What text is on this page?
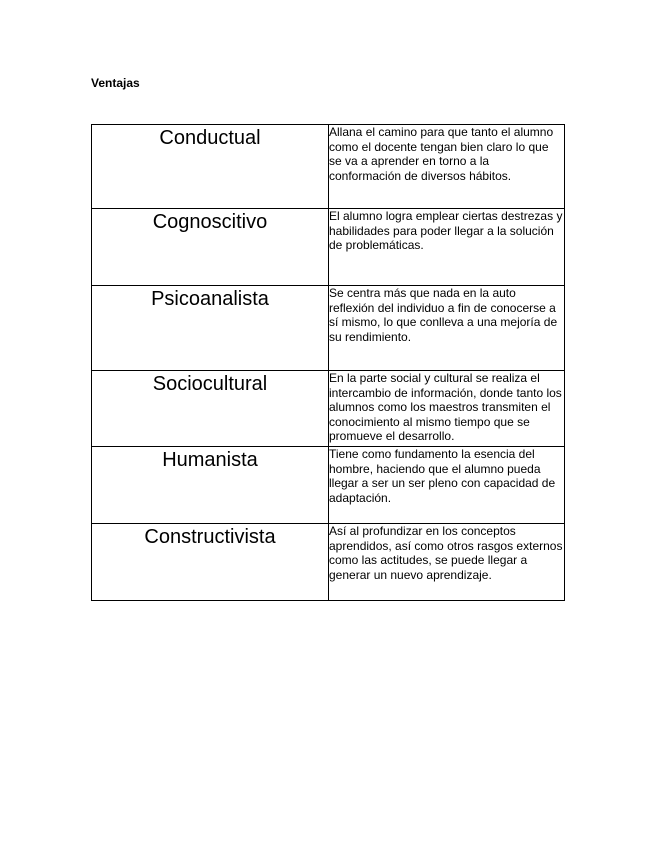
Ventajas
Conductual	Allana el camino para que tanto el alumno como el docente tengan bien claro lo que se va a aprender en torno a la conformación de diversos hábitos.

Cognoscitivo	El alumno logra emplear ciertas destrezas y habilidades para poder llegar a la solución de problemáticas.

Psicoanalista	Se centra más que nada en la auto reflexión del individuo a fin de conocerse a sí mismo, lo que conlleva a una mejoría de su rendimiento.

Sociocultural	En la parte social y cultural se realiza el intercambio de información, donde tanto los alumnos como los maestros transmiten el conocimiento al mismo tiempo que se promueve el desarrollo.

Humanista	Tiene como fundamento la esencia del hombre, haciendo que el alumno pueda llegar a ser un ser pleno con capacidad de adaptación.

Constructivista	Así al profundizar en los conceptos aprendidos, así como otros rasgos externos como las actitudes, se puede llegar a generar un nuevo aprendizaje.
